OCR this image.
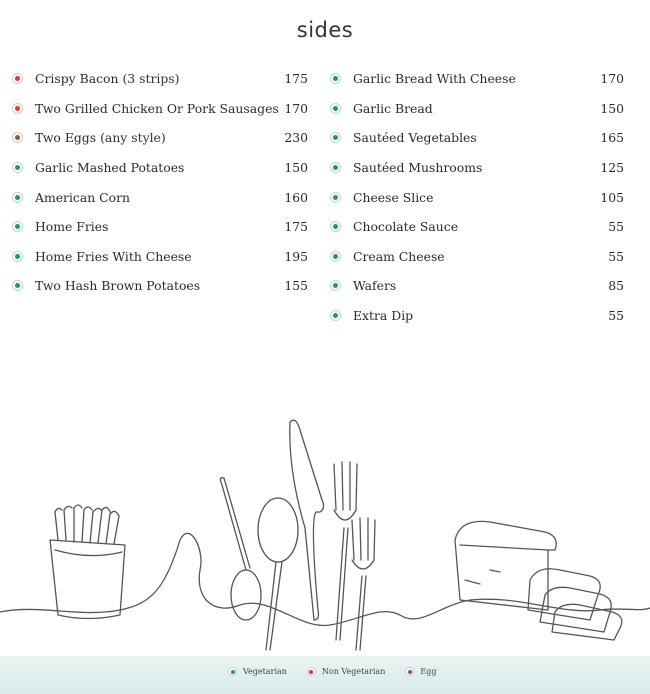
sides
Crispy Bacon (3 strips)	175
Two Grilled Chicken Or Pork Sausages 170
Two Eggs (any style)	230
Garlic Mashed Potatoes	150
American Corn	160
Home Fries	175
Home Fries With Cheese	195
Two Hash Brown Potatoes	155
Garlic Bread With Cheese	170
Garlic Bread	150
Sautéed Vegetables	165
Sautéed Mushrooms	125
Cheese Slice	105
Chocolate Sauce	55
Cream Cheese	55
Wafers	85
Extra Dip	55
Vegetarian	Non Vegetarian	Egg
